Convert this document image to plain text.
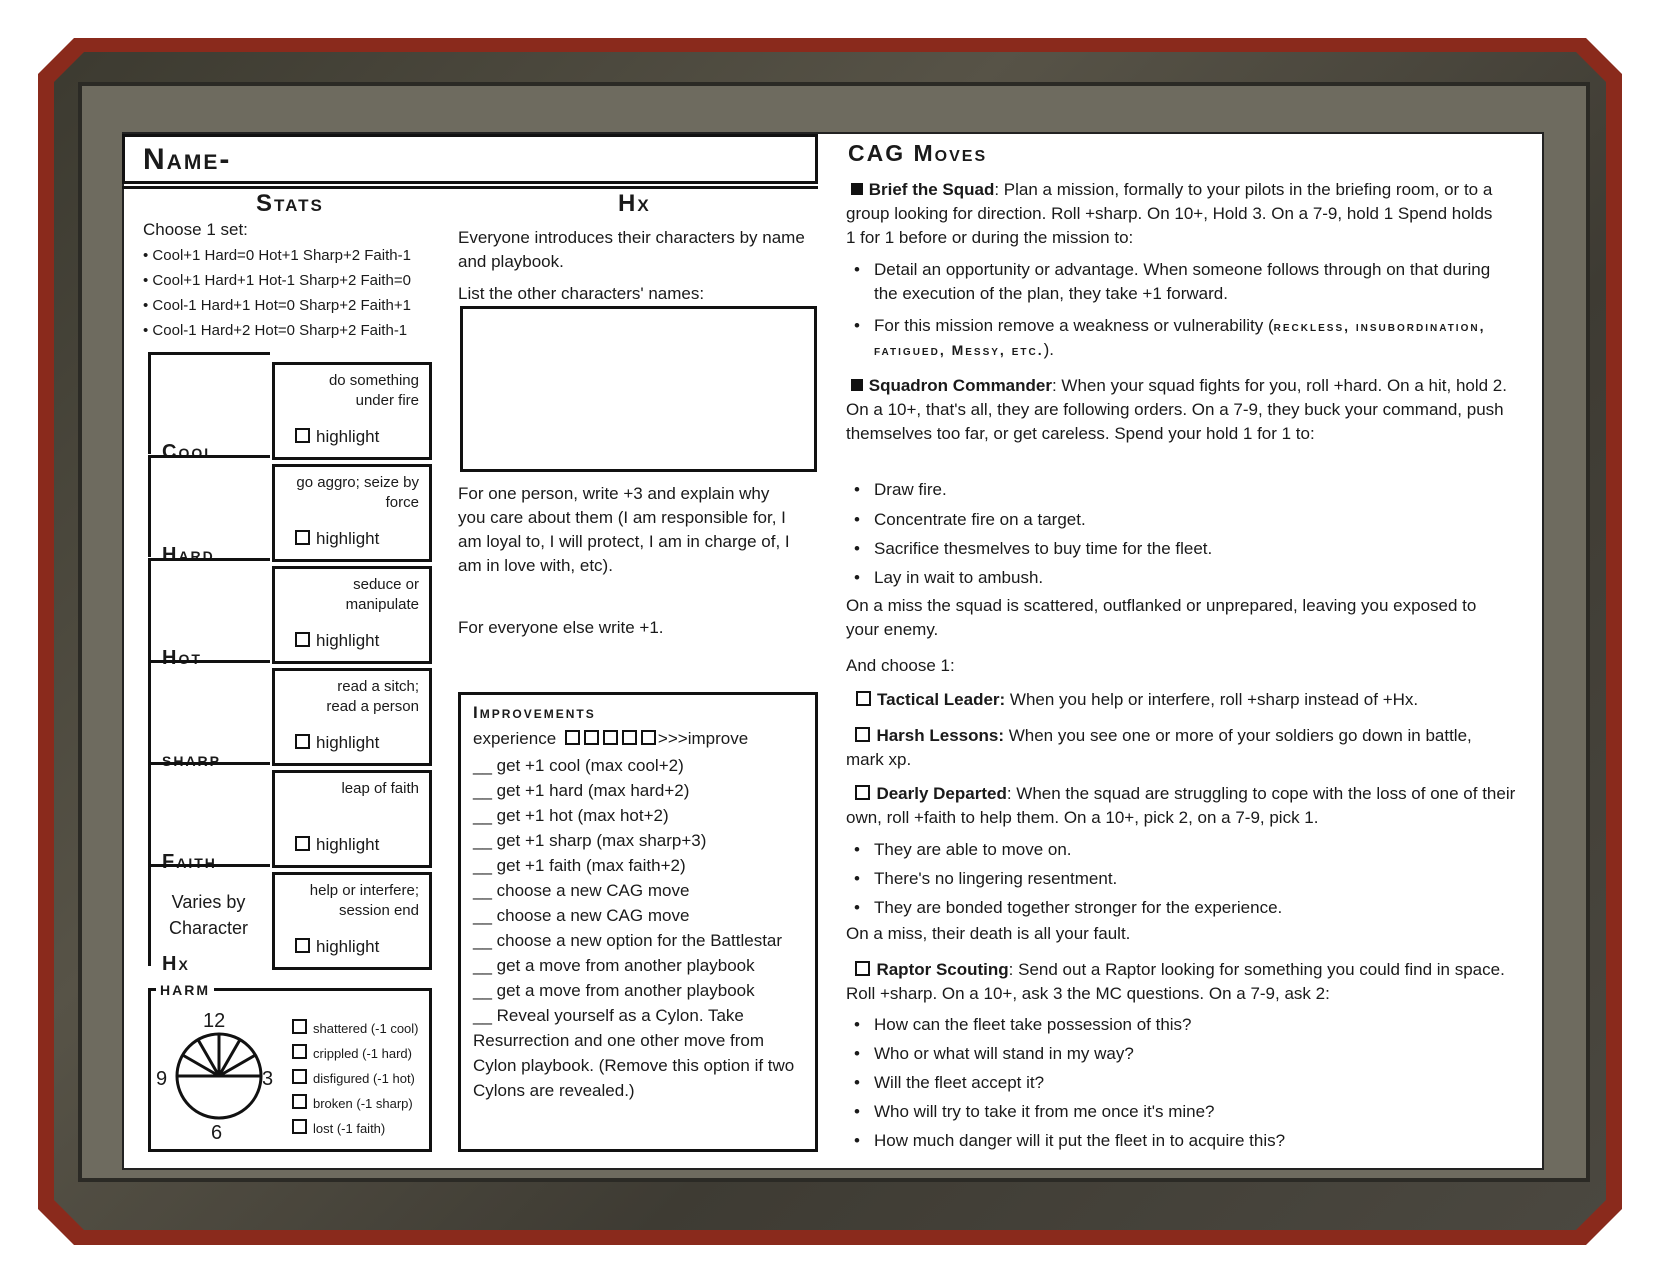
Name-
Stats
Choose 1 set:
• Cool+1 Hard=0 Hot+1 Sharp+2 Faith-1
• Cool+1 Hard+1 Hot-1 Sharp+2 Faith=0
• Cool-1 Hard+1 Hot=0 Sharp+2 Faith+1
• Cool-1 Hard+2 Hot=0 Sharp+2 Faith-1
Cool
do something
under fire
highlight
Hard
go aggro; seize by
force
highlight
Hot
seduce or
manipulate
highlight
sharp
read a sitch;
read a person
highlight
Faith
leap of faith
highlight
Varies by
Character
Hx
help or interfere;
session end
highlight
harm
12
3
6
9
shattered (-1 cool)
crippled (-1 hard)
disfigured (-1 hot)
broken (-1 sharp)
lost (-1 faith)
Hx
Everyone introduces their characters by name and playbook.
List the other characters' names:
For one person, write +3 and explain why you care about them (I am responsible for, I am loyal to, I will protect, I am in charge of, I am in love with, etc).
For everyone else write +1.
Improvements
experience	>>>improve
__ get +1 cool (max cool+2)
__ get +1 hard (max hard+2)
__ get +1 hot (max hot+2)
__ get +1 sharp (max sharp+3)
__ get +1 faith (max faith+2)
__ choose a new CAG move
__ choose a new CAG move
__ choose a new option for the Battlestar
__ get a move from another playbook
__ get a move from another playbook
__ Reveal yourself as a Cylon. Take Resurrection and one other move from Cylon playbook. (Remove this option if two Cylons are revealed.)
CAG Moves
Brief the Squad: Plan a mission, formally to your pilots in the briefing room, or to a group looking for direction. Roll +sharp. On 10+, Hold 3. On a 7-9, hold 1 Spend holds 1 for 1 before or during the mission to:
• Detail an opportunity or advantage. When someone follows through on that during the execution of the plan, they take +1 forward.
• For this mission remove a weakness or vulnerability (reckless, insubordination, fatigued, Messy, etc.).
Squadron Commander: When your squad fights for you, roll +hard. On a hit, hold 2. On a 10+, that's all, they are following orders. On a 7-9, they buck your command, push themselves too far, or get careless. Spend your hold 1 for 1 to:
• Draw fire.
• Concentrate fire on a target.
• Sacrifice thesmelves to buy time for the fleet.
• Lay in wait to ambush.
On a miss the squad is scattered, outflanked or unprepared, leaving you exposed to your enemy.
And choose 1:
Tactical Leader: When you help or interfere, roll +sharp instead of +Hx.
Harsh Lessons: When you see one or more of your soldiers go down in battle, mark xp.
Dearly Departed: When the squad are struggling to cope with the loss of one of their own, roll +faith to help them. On a 10+, pick 2, on a 7-9, pick 1.
• They are able to move on.
• There's no lingering resentment.
• They are bonded together stronger for the experience.
On a miss, their death is all your fault.
Raptor Scouting: Send out a Raptor looking for something you could find in space. Roll +sharp. On a 10+, ask 3 the MC questions. On a 7-9, ask 2:
• How can the fleet take possession of this?
• Who or what will stand in my way?
• Will the fleet accept it?
• Who will try to take it from me once it's mine?
• How much danger will it put the fleet in to acquire this?
